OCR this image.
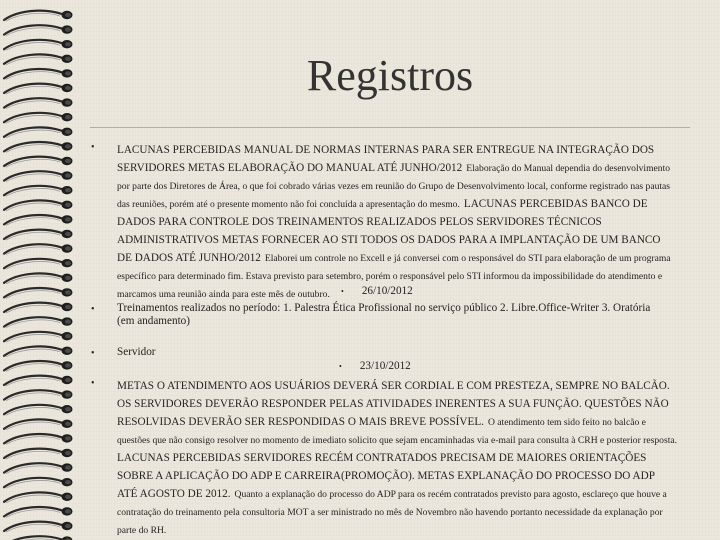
Registros
• LACUNAS PERCEBIDAS MANUAL DE NORMAS INTERNAS PARA SER ENTREGUE NA INTEGRAÇÃO DOS SERVIDORES METAS ELABORAÇÃO DO MANUAL ATÉ JUNHO/2012 Elaboração do Manual dependia do desenvolvimento por parte dos Diretores de Área, o que foi cobrado várias vezes em reunião do Grupo de Desenvolvimento local, conforme registrado nas pautas das reuniões, porém até o presente momento não foi concluída a apresentação do mesmo. LACUNAS PERCEBIDAS BANCO DE DADOS PARA CONTROLE DOS TREINAMENTOS REALIZADOS PELOS SERVIDORES TÉCNICOS ADMINISTRATIVOS METAS FORNECER AO STI TODOS OS DADOS PARA A IMPLANTAÇÃO DE UM BANCO DE DADOS ATÉ JUNHO/2012 Elaborei um controle no Excell e já conversei com o responsável do STI para elaboração de um programa específico para determinado fim. Estava previsto para setembro, porém o responsável pelo STI informou da impossibilidade do atendimento e marcamos uma reunião ainda para este mês de outubro.	• 26/10/2012
• Treinamentos realizados no período: 1. Palestra Ética Profissional no serviço público 2. Libre.Office-Writer 3. Oratória (em andamento)
• Servidor
• 23/10/2012
• METAS O ATENDIMENTO AOS USUÁRIOS DEVERÁ SER CORDIAL E COM PRESTEZA, SEMPRE NO BALCÃO. OS SERVIDORES DEVERÃO RESPONDER PELAS ATIVIDADES INERENTES A SUA FUNÇÃO. QUESTÕES NÃO RESOLVIDAS DEVERÃO SER RESPONDIDAS O MAIS BREVE POSSÍVEL. O atendimento tem sido feito no balcão e questões que não consigo resolver no momento de imediato solicito que sejam encaminhadas via e-mail para consulta à CRH e posterior resposta. LACUNAS PERCEBIDAS SERVIDORES RECÉM CONTRATADOS PRECISAM DE MAIORES ORIENTAÇÕES SOBRE A APLICAÇÃO DO ADP E CARREIRA(PROMOÇÃO). METAS EXPLANAÇÃO DO PROCESSO DO ADP ATÉ AGOSTO DE 2012. Quanto a explanação do processo do ADP para os recém contratados previsto para agosto, esclareço que houve a contratação do treinamento pela consultoria MOT a ser ministrado no mês de Novembro não havendo portanto necessidade da explanação por parte do RH.
